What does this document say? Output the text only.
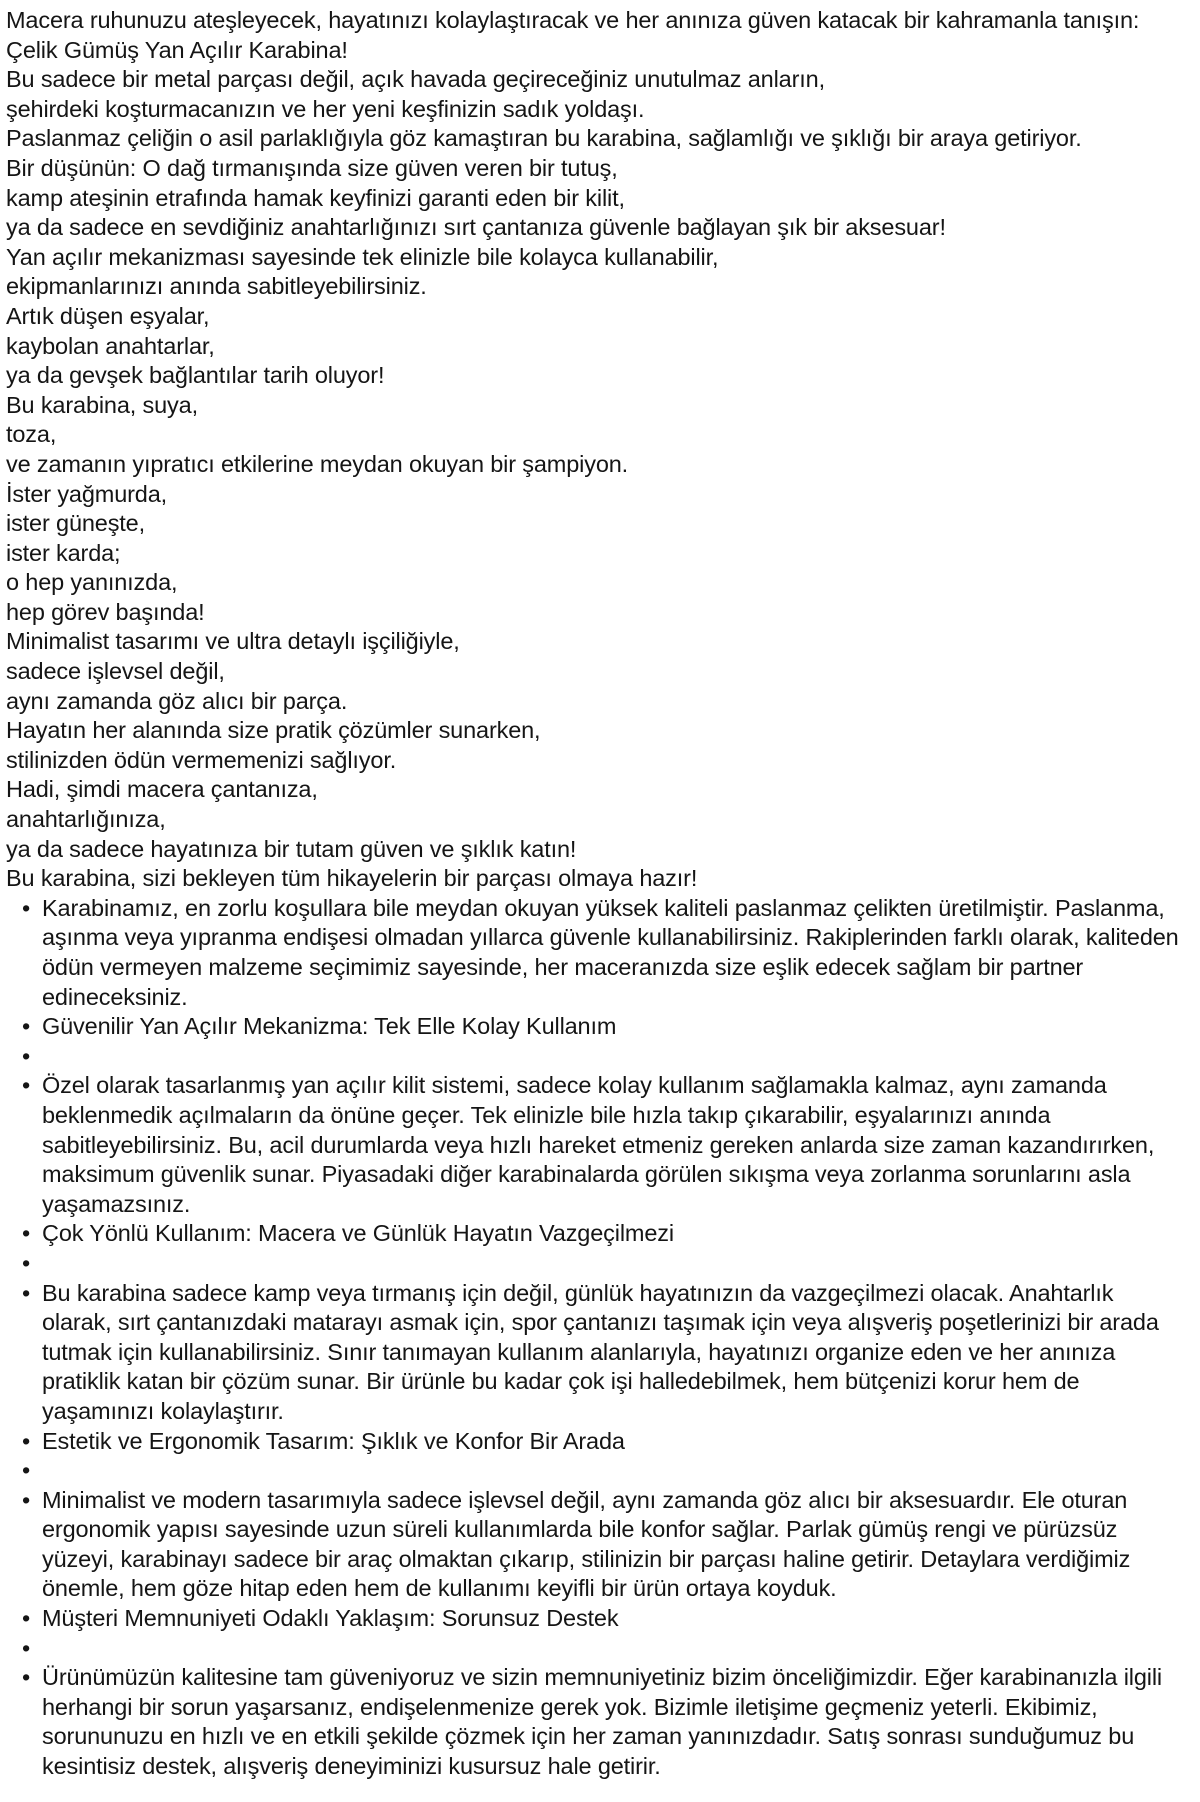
Macera ruhunuzu ateşleyecek, hayatınızı kolaylaştıracak ve her anınıza güven katacak bir kahramanla tanışın: Çelik Gümüş Yan Açılır Karabina!
Bu sadece bir metal parçası değil, açık havada geçireceğiniz unutulmaz anların,
şehirdeki koşturmacanızın ve her yeni keşfinizin sadık yoldaşı.
Paslanmaz çeliğin o asil parlaklığıyla göz kamaştıran bu karabina, sağlamlığı ve şıklığı bir araya getiriyor.
Bir düşünün: O dağ tırmanışında size güven veren bir tutuş,
kamp ateşinin etrafında hamak keyfinizi garanti eden bir kilit,
ya da sadece en sevdiğiniz anahtarlığınızı sırt çantanıza güvenle bağlayan şık bir aksesuar!
Yan açılır mekanizması sayesinde tek elinizle bile kolayca kullanabilir,
ekipmanlarınızı anında sabitleyebilirsiniz.
Artık düşen eşyalar,
kaybolan anahtarlar,
ya da gevşek bağlantılar tarih oluyor!
Bu karabina, suya,
toza,
ve zamanın yıpratıcı etkilerine meydan okuyan bir şampiyon.
İster yağmurda,
ister güneşte,
ister karda;
o hep yanınızda,
hep görev başında!
Minimalist tasarımı ve ultra detaylı işçiliğiyle,
sadece işlevsel değil,
aynı zamanda göz alıcı bir parça.
Hayatın her alanında size pratik çözümler sunarken,
stilinizden ödün vermemenizi sağlıyor.
Hadi, şimdi macera çantanıza,
anahtarlığınıza,
ya da sadece hayatınıza bir tutam güven ve şıklık katın!
Bu karabina, sizi bekleyen tüm hikayelerin bir parçası olmaya hazır!
• Karabinamız, en zorlu koşullara bile meydan okuyan yüksek kaliteli paslanmaz çelikten üretilmiştir. Paslanma, aşınma veya yıpranma endişesi olmadan yıllarca güvenle kullanabilirsiniz. Rakiplerinden farklı olarak, kaliteden ödün vermeyen malzeme seçimimiz sayesinde, her maceranızda size eşlik edecek sağlam bir partner edineceksiniz.
• Güvenilir Yan Açılır Mekanizma: Tek Elle Kolay Kullanım
•
• Özel olarak tasarlanmış yan açılır kilit sistemi, sadece kolay kullanım sağlamakla kalmaz, aynı zamanda beklenmedik açılmaların da önüne geçer. Tek elinizle bile hızla takıp çıkarabilir, eşyalarınızı anında sabitleyebilirsiniz. Bu, acil durumlarda veya hızlı hareket etmeniz gereken anlarda size zaman kazandırırken, maksimum güvenlik sunar. Piyasadaki diğer karabinalarda görülen sıkışma veya zorlanma sorunlarını asla yaşamazsınız.
• Çok Yönlü Kullanım: Macera ve Günlük Hayatın Vazgeçilmezi
•
• Bu karabina sadece kamp veya tırmanış için değil, günlük hayatınızın da vazgeçilmezi olacak. Anahtarlık olarak, sırt çantanızdaki matarayı asmak için, spor çantanızı taşımak için veya alışveriş poşetlerinizi bir arada tutmak için kullanabilirsiniz. Sınır tanımayan kullanım alanlarıyla, hayatınızı organize eden ve her anınıza pratiklik katan bir çözüm sunar. Bir ürünle bu kadar çok işi halledebilmek, hem bütçenizi korur hem de yaşamınızı kolaylaştırır.
• Estetik ve Ergonomik Tasarım: Şıklık ve Konfor Bir Arada
•
• Minimalist ve modern tasarımıyla sadece işlevsel değil, aynı zamanda göz alıcı bir aksesuardır. Ele oturan ergonomik yapısı sayesinde uzun süreli kullanımlarda bile konfor sağlar. Parlak gümüş rengi ve pürüzsüz yüzeyi, karabinayı sadece bir araç olmaktan çıkarıp, stilinizin bir parçası haline getirir. Detaylara verdiğimiz önemle, hem göze hitap eden hem de kullanımı keyifli bir ürün ortaya koyduk.
• Müşteri Memnuniyeti Odaklı Yaklaşım: Sorunsuz Destek
•
• Ürünümüzün kalitesine tam güveniyoruz ve sizin memnuniyetiniz bizim önceliğimizdir. Eğer karabinanızla ilgili herhangi bir sorun yaşarsanız, endişelenmenize gerek yok. Bizimle iletişime geçmeniz yeterli. Ekibimiz, sorununuzu en hızlı ve en etkili şekilde çözmek için her zaman yanınızdadır. Satış sonrası sunduğumuz bu kesintisiz destek, alışveriş deneyiminizi kusursuz hale getirir.
